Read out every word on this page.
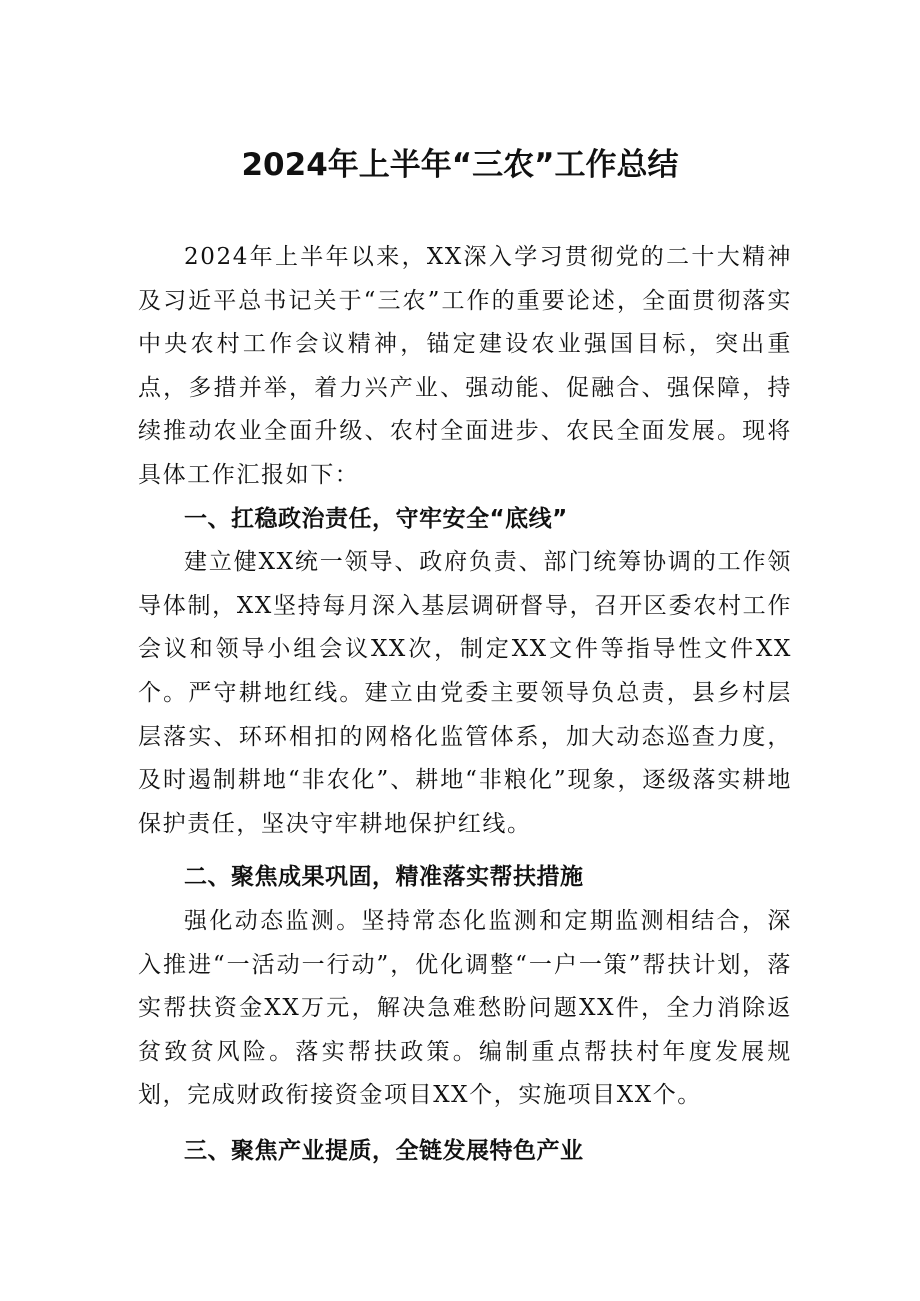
2024年上半年“三农”工作总结

2024年上半年以来，XX深入学习贯彻党的二十大精神及习近平总书记关于“三农”工作的重要论述，全面贯彻落实中央农村工作会议精神，锚定建设农业强国目标，突出重点，多措并举，着力兴产业、强动能、促融合、强保障，持续推动农业全面升级、农村全面进步、农民全面发展。现将具体工作汇报如下：

一、扛稳政治责任，守牢安全“底线”

建立健XX统一领导、政府负责、部门统筹协调的工作领导体制，XX坚持每月深入基层调研督导，召开区委农村工作会议和领导小组会议XX次，制定XX文件等指导性文件XX个。严守耕地红线。建立由党委主要领导负总责，县乡村层层落实、环环相扣的网格化监管体系，加大动态巡查力度，及时遏制耕地“非农化”、耕地“非粮化”现象，逐级落实耕地保护责任，坚决守牢耕地保护红线。

二、聚焦成果巩固，精准落实帮扶措施

强化动态监测。坚持常态化监测和定期监测相结合，深入推进“一活动一行动”，优化调整“一户一策”帮扶计划，落实帮扶资金XX万元，解决急难愁盼问题XX件，全力消除返贫致贫风险。落实帮扶政策。编制重点帮扶村年度发展规划，完成财政衔接资金项目XX个，实施项目XX个。

三、聚焦产业提质，全链发展特色产业
